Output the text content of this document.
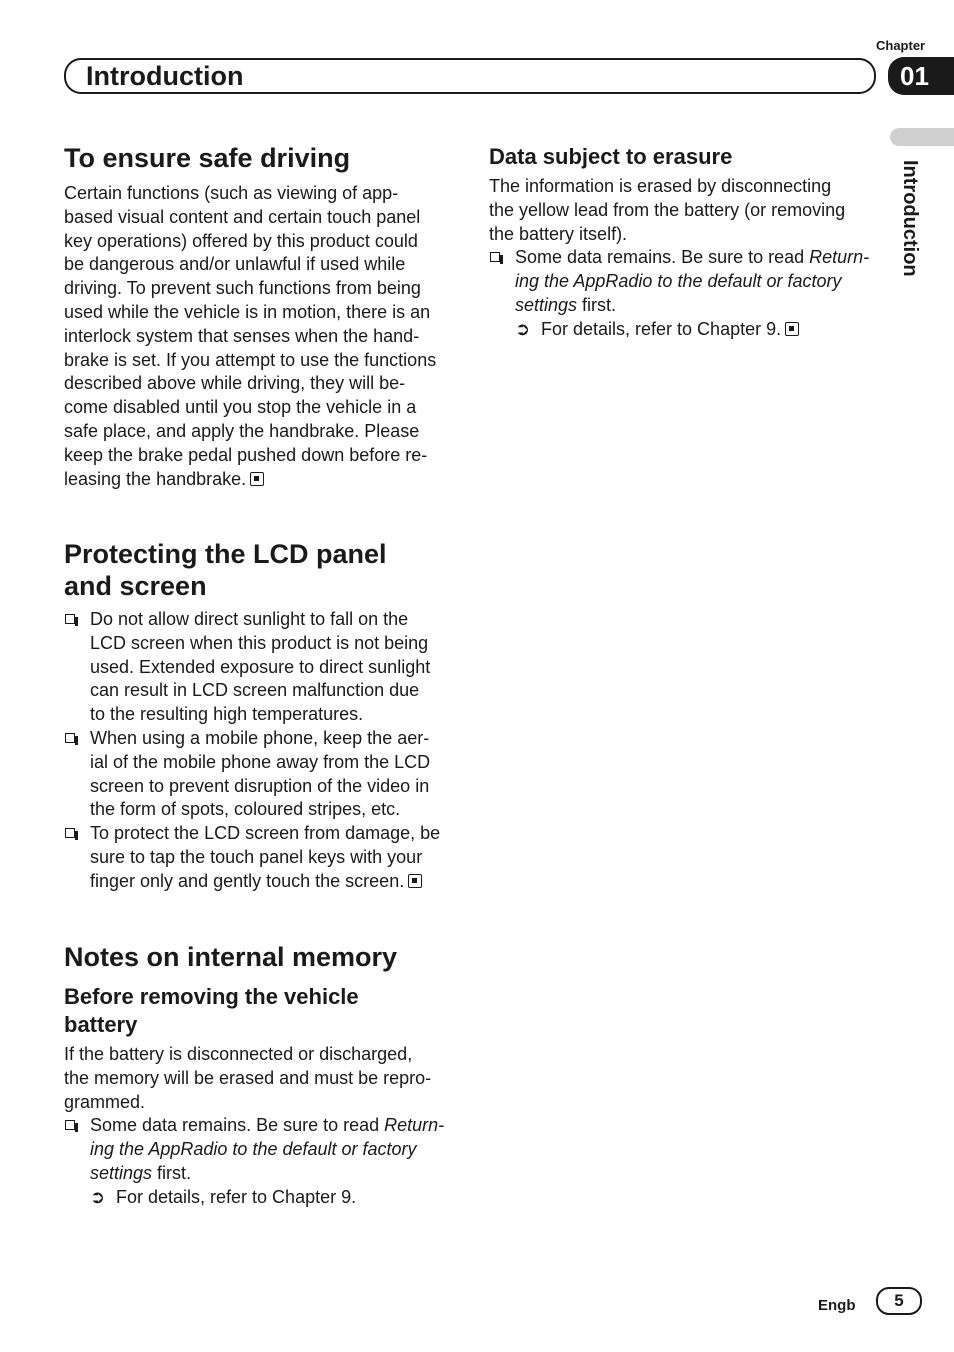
Chapter
Introduction	01
Introduction
To ensure safe driving

Certain functions (such as viewing of app-

based visual content and certain touch panel

key operations) offered by this product could

be dangerous and/or unlawful if used while

driving. To prevent such functions from being

used while the vehicle is in motion, there is an

interlock system that senses when the hand-

brake is set. If you attempt to use the functions

described above while driving, they will be-

come disabled until you stop the vehicle in a

safe place, and apply the handbrake. Please

keep the brake pedal pushed down before re-

leasing the handbrake.

Protecting the LCD panel
and screen
Do not allow direct sunlight to fall on the
LCD screen when this product is not being
used. Extended exposure to direct sunlight
can result in LCD screen malfunction due
to the resulting high temperatures.
When using a mobile phone, keep the aer-
ial of the mobile phone away from the LCD
screen to prevent disruption of the video in
the form of spots, coloured stripes, etc.
To protect the LCD screen from damage, be
sure to tap the touch panel keys with your
finger only and gently touch the screen.
Notes on internal memory
Before removing the vehicle
battery

If the battery is disconnected or discharged,

the memory will be erased and must be repro-

grammed.

Some data remains. Be sure to read Return-
ing the AppRadio to the default or factory
settings first.
➲ For details, refer to Chapter 9.
Data subject to erasure

The information is erased by disconnecting

the yellow lead from the battery (or removing

the battery itself).

Some data remains. Be sure to read Return-
ing the AppRadio to the default or factory
settings first.
➲ For details, refer to Chapter 9.
Engb	5
